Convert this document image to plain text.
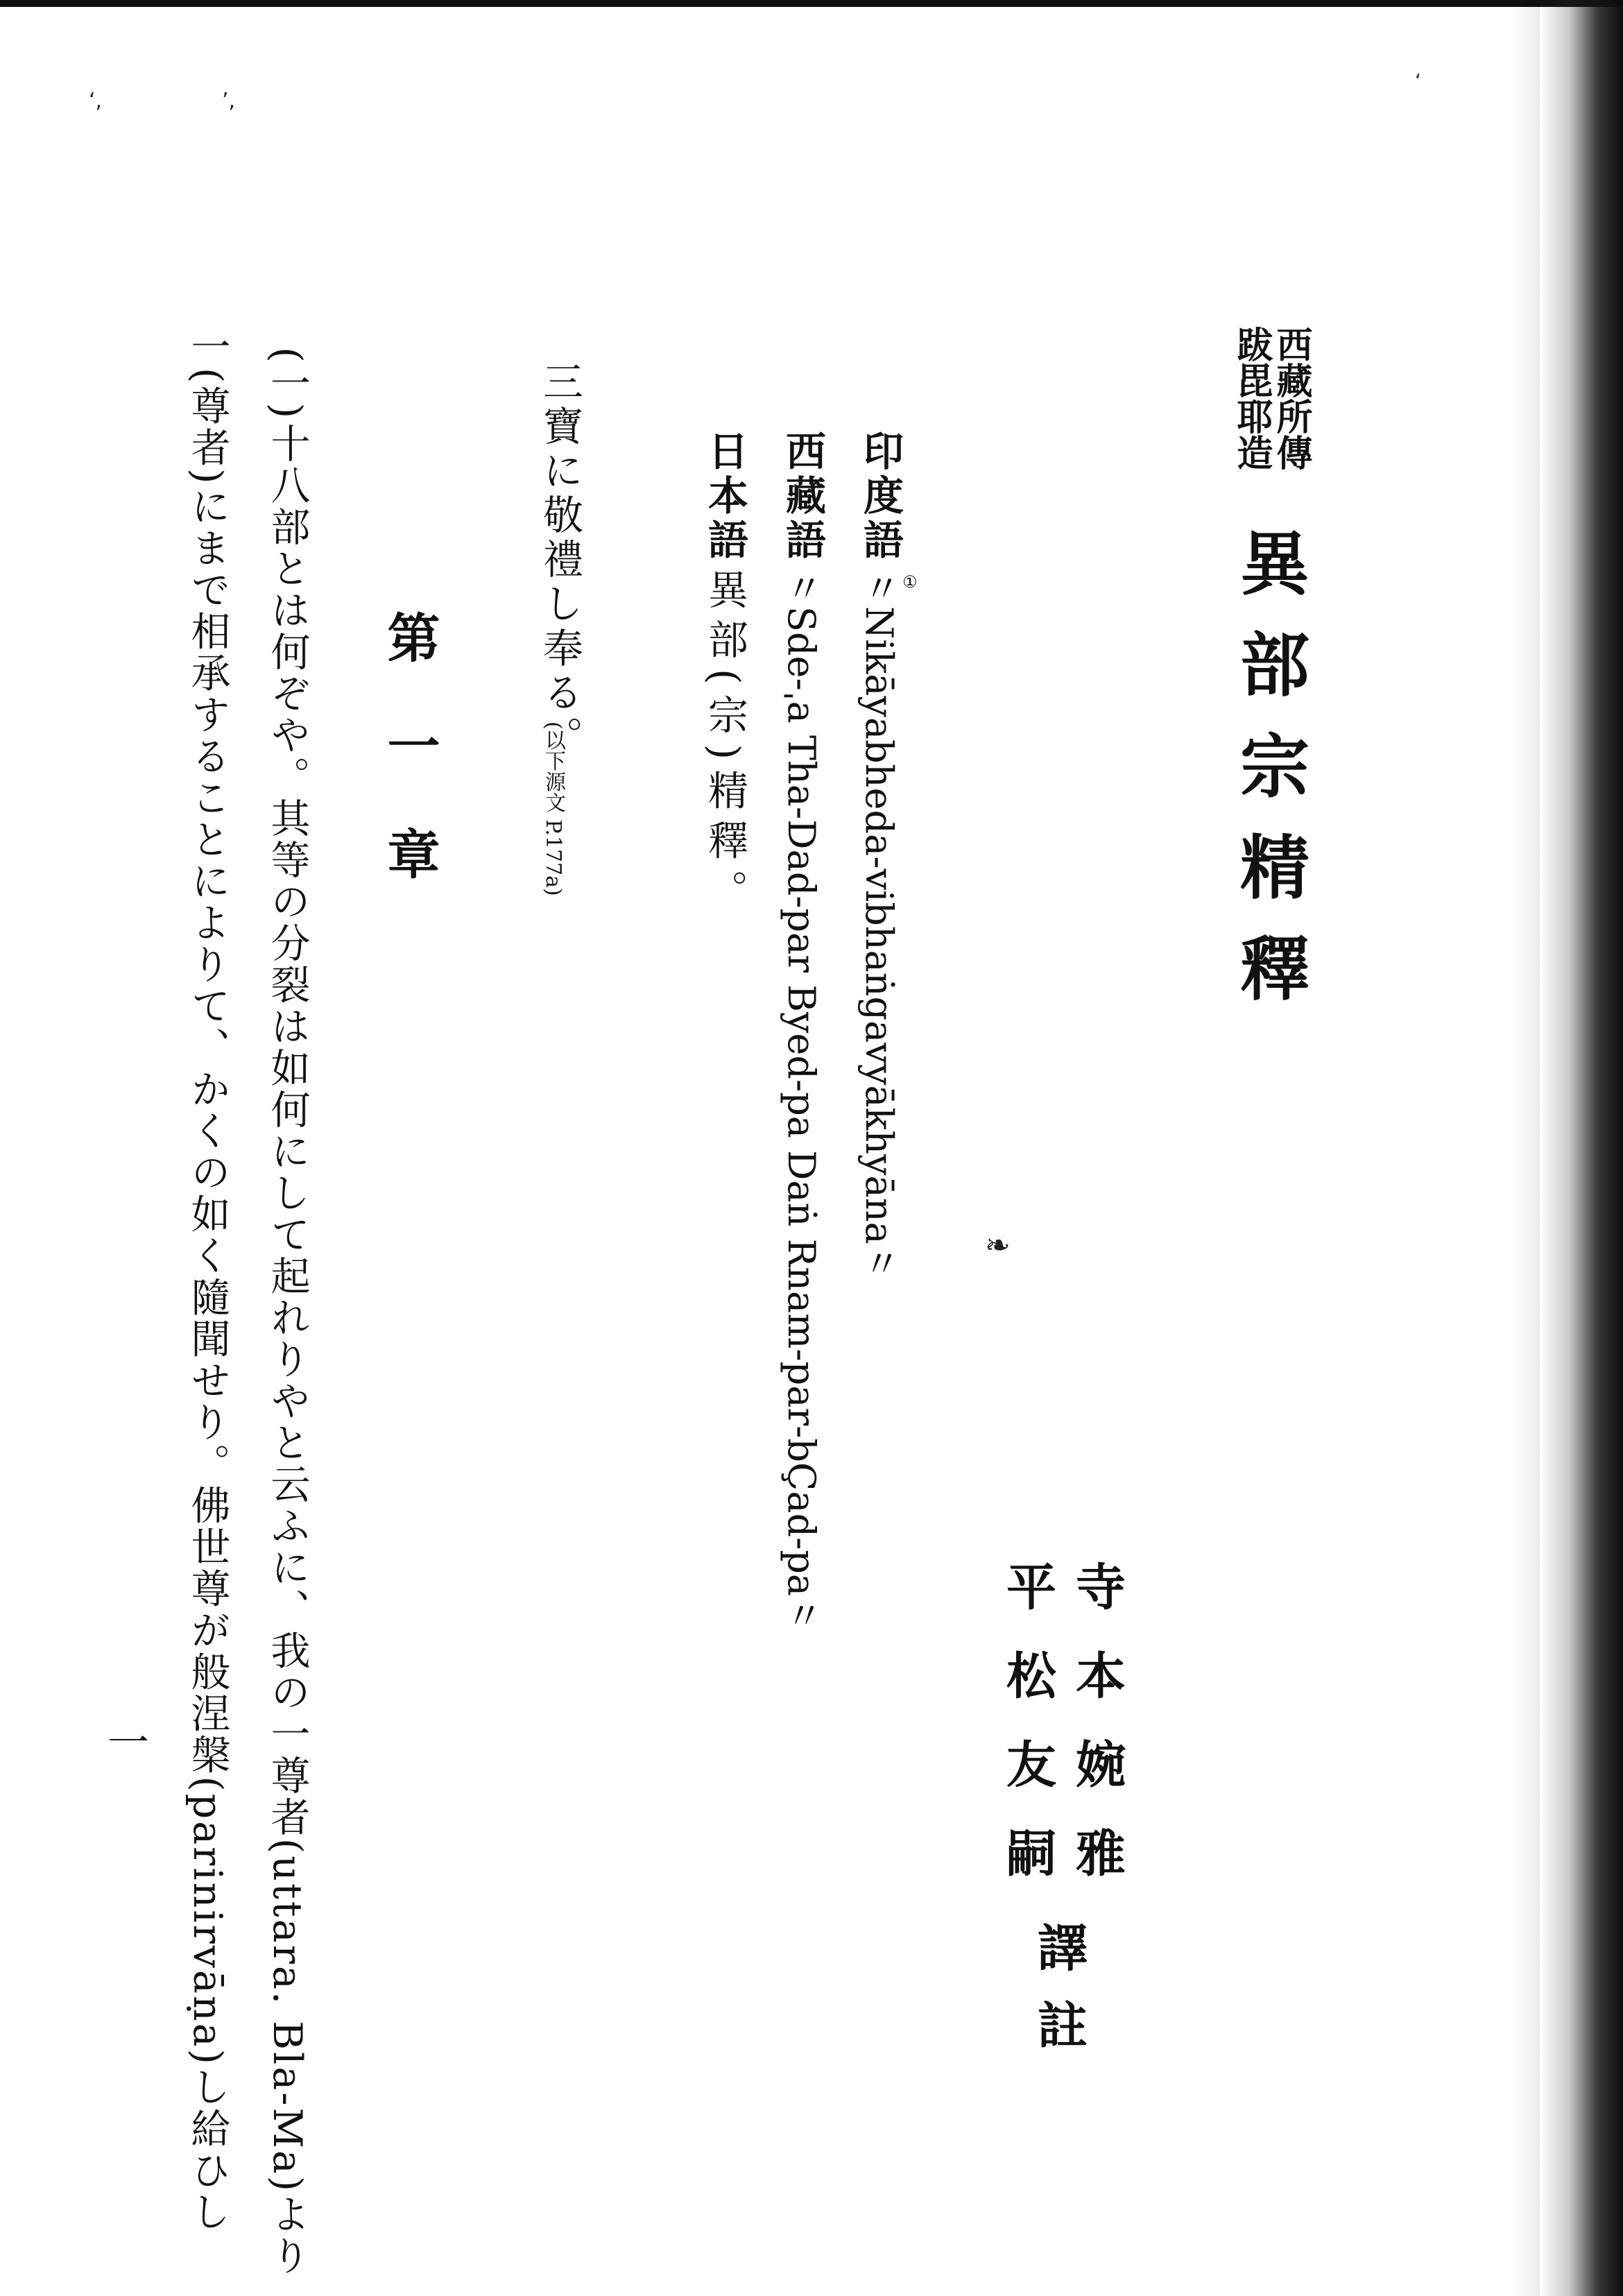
‘,	’,
‘
❧
西藏所傳
跋毘耶造
異部宗精釋
寺本婉雅
平松友嗣
譯註
印度語
①
〃Nikāyabheda-vibhaṅgavyākhyāna〃
西藏語
〃Sde-ˌa Tha-Dad-par Byed-pa Daṅ Rnam-par-bÇad-pa〃
日本語
異部(宗)精釋。
三寶に敬禮し奉る。
(以下源文 P.177a)
第一章
(一)
十八部とは何ぞや。其等の分裂は如何にして起れりやと云ふに、我の一尊者(uttara. Bla-Ma)より
一(尊者)にまで相承することによりて、かくの如く隨聞せり。佛世尊が般涅槃(parinirvāṇa)し給ひし
一
